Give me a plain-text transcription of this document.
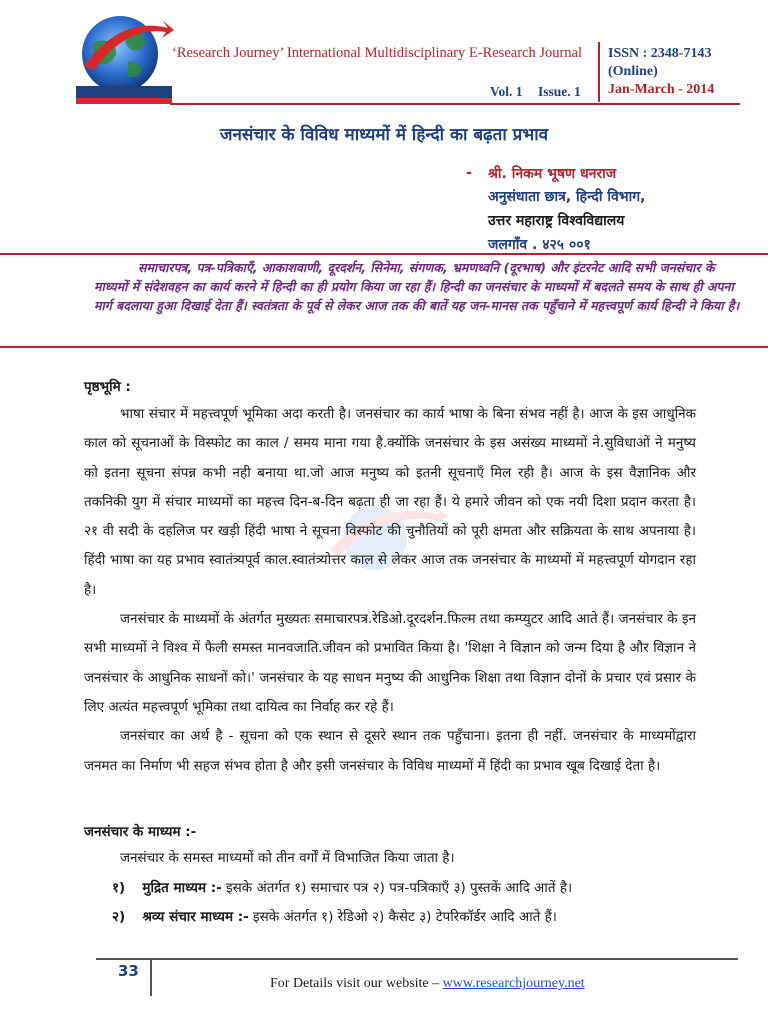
‘Research Journey’ International Multidisciplinary E-Research Journal
Vol. 1 Issue. 1
ISSN : 2348-7143
(Online)
Jan-March - 2014
जनसंचार के विविध माध्यमों में हिन्दी का बढ़ता प्रभाव
- श्री. निकम भूषण धनराज
अनुसंधाता छात्र, हिन्दी विभाग,
उत्तर महाराष्ट्र विश्वविद्यालय
जलगाँव . ४२५ ००१

समाचारपत्र, पत्र-पत्रिकाएँ, आकाशवाणी, दूरदर्शन, सिनेमा, संगणक, भ्रमणध्वनि (दूरभाष) और इंटरनेट आदि सभी जनसंचार के माध्यमों में संदेशवहन का कार्य करने में हिन्दी का ही प्रयोग किया जा रहा हैं। हिन्दी का जनसंचार के माध्यमों में बदलते समय के साथ ही अपना मार्ग बदलाया हुआ दिखाई देता हैं। स्वतंत्रता के पूर्व से लेकर आज तक की बातें यह जन-मानस तक पहुँचाने में महत्त्वपूर्ण कार्य हिन्दी ने किया है।

पृष्ठभूमि :

भाषा संचार में महत्त्वपूर्ण भूमिका अदा करती है। जनसंचार का कार्य भाषा के बिना संभव नहीं है। आज के इस आधुनिक काल को सूचनाओं के विस्फोट का काल / समय माना गया है.क्योंकि जनसंचार के इस असंख्य माध्यमों ने.सुविधाओं ने मनुष्य को इतना सूचना संपन्न कभी नही बनाया था.जो आज मनुष्य को इतनी सूचनाएँ मिल रही है। आज के इस वैज्ञानिक और तकनिकी युग में संचार माध्यमों का महत्त्व दिन-ब-दिन बढ़ता ही जा रहा हैं। ये हमारे जीवन को एक नयी दिशा प्रदान करता है। २१ वी सदी के दहलिज पर खड़ी हिंदी भाषा ने सूचना विस्फोट की चुनौतियों को पूरी क्षमता और सक्रियता के साथ अपनाया है। हिंदी भाषा का यह प्रभाव स्वातंत्र्यपूर्व काल.स्वातंत्र्योत्तर काल से लेकर आज तक जनसंचार के माध्यमों में महत्त्वपूर्ण योगदान रहा है।

जनसंचार के माध्यमों के अंतर्गत मुख्यतः समाचारपत्र.रेडिओ.दूरदर्शन.फिल्म तथा कम्प्युटर आदि आते हैं। जनसंचार के इन सभी माध्यमों ने विश्व में फैली समस्त मानवजाति.जीवन को प्रभावित किया है। 'शिक्षा ने विज्ञान को जन्म दिया है और विज्ञान ने जनसंचार के आधुनिक साधनों को।' जनसंचार के यह साधन मनुष्य की आधुनिक शिक्षा तथा विज्ञान दोनों के प्रचार एवं प्रसार के लिए अत्यंत महत्त्वपूर्ण भूमिका तथा दायित्व का निर्वाह कर रहे हैं।

जनसंचार का अर्थ है - सूचना को एक स्थान से दूसरे स्थान तक पहुँचाना। इतना ही नहीं. जनसंचार के माध्यमोंद्वारा जनमत का निर्माण भी सहज संभव होता है और इसी जनसंचार के विविध माध्यमों में हिंदी का प्रभाव खूब दिखाई देता है।

जनसंचार के माध्यम :-
जनसंचार के समस्त माध्यमों को तीन वर्गों में विभाजित किया जाता है।
१) मुद्रित माध्यम :- इसके अंतर्गत १) समाचार पत्र २) पत्र-पत्रिकाएँ ३) पुस्तकें आदि आतें है।
२) श्रव्य संचार माध्यम :- इसके अंतर्गत १) रेडिओ २) कैसेट ३) टेपरिकॉर्डर आदि आते हैं।
33
For Details visit our website – www.researchjourney.net
